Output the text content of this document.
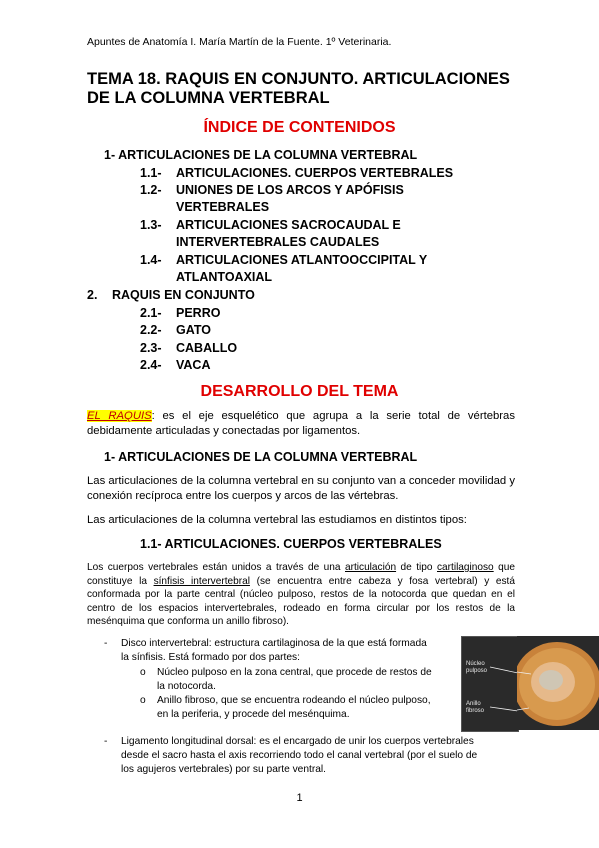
Apuntes de Anatomía I. María Martín de la Fuente. 1º Veterinaria.
TEMA 18. RAQUIS EN CONJUNTO. ARTICULACIONES
DE LA COLUMNA VERTEBRAL
ÍNDICE DE CONTENIDOS
1- ARTICULACIONES DE LA COLUMNA VERTEBRAL
1.1- ARTICULACIONES. CUERPOS VERTEBRALES
1.2- UNIONES DE LOS ARCOS Y APÓFISIS
VERTEBRALES
1.3- ARTICULACIONES SACROCAUDAL E
INTERVERTEBRALES CAUDALES
1.4- ARTICULACIONES ATLANTOOCCIPITAL Y
ATLANTOAXIAL
2. RAQUIS EN CONJUNTO
2.1- PERRO
2.2- GATO
2.3- CABALLO
2.4- VACA
DESARROLLO DEL TEMA
EL RAQUIS: es el eje esquelético que agrupa a la serie total de vértebras debidamente articuladas y conectadas por ligamentos.
1- ARTICULACIONES DE LA COLUMNA VERTEBRAL
Las articulaciones de la columna vertebral en su conjunto van a conceder movilidad y conexión recíproca entre los cuerpos y arcos de las vértebras.
Las articulaciones de la columna vertebral las estudiamos en distintos tipos:
1.1- ARTICULACIONES. CUERPOS VERTEBRALES
Los cuerpos vertebrales están unidos a través de una articulación de tipo cartilaginoso que constituye la sínfisis intervertebral (se encuentra entre cabeza y fosa vertebral) y está conformada por la parte central (núcleo pulposo, restos de la notocorda que quedan en el centro de los espacios intervertebrales, rodeado en forma circular por los restos de la mesénquima que conforma un anillo fibroso).
- Disco intervertebral: estructura cartilaginosa de la que está formada
la sínfisis. Está formado por dos partes:
o Núcleo pulposo en la zona central, que procede de restos de
la notocorda.
o Anillo fibroso, que se encuentra rodeando el núcleo pulposo,
en la periferia, y procede del mesénquima.
- Ligamento longitudinal dorsal: es el encargado de unir los cuerpos vertebrales
desde el sacro hasta el axis recorriendo todo el canal vertebral (por el suelo de
los agujeros vertebrales) por su parte ventral.
Núcleo
pulposo
Anillo
fibroso
1
